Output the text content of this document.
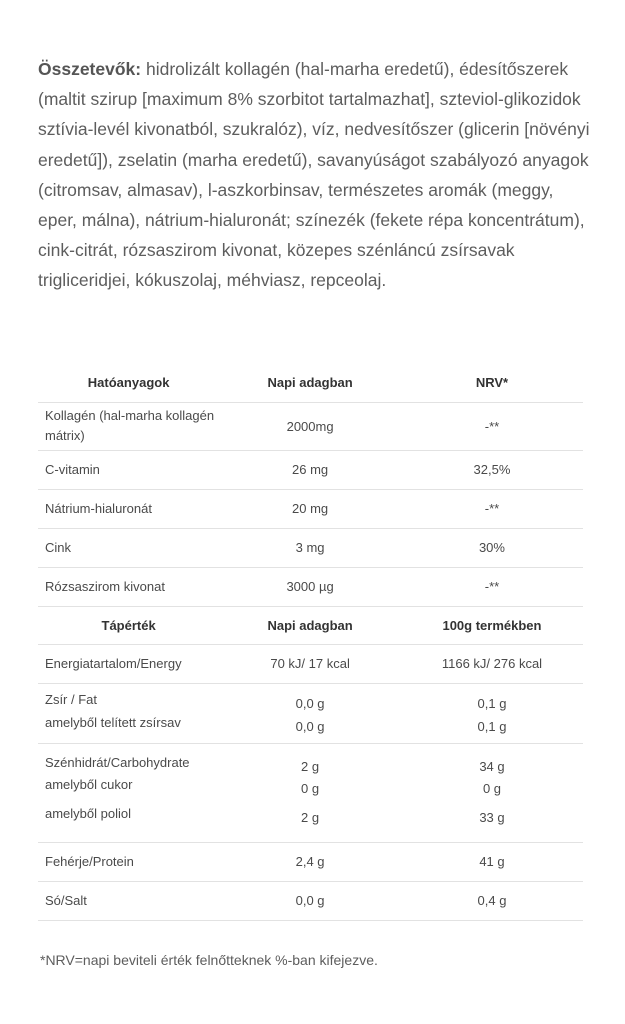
Összetevők: hidrolizált kollagén (hal-marha eredetű), édesítőszerek (maltit szirup [maximum 8% szorbitot tartalmazhat], szteviol-glikozidok sztívia-levél kivonatból, szukralóz), víz, nedvesítőszer (glicerin [növényi eredetű]), zselatin (marha eredetű), savanyúságot szabályozó anyagok (citromsav, almasav), l-aszkorbinsav, természetes aromák (meggy, eper, málna), nátrium-hialuronát; színezék (fekete répa koncentrátum), cink-citrát, rózsaszirom kivonat, közepes szénláncú zsírsavak trigliceridjei, kókuszolaj, méhviasz, repceolaj.

Hatóanyagok	Napi adagban	NRV*

Kollagén (hal-marha kollagén mátrix)	2000mg	-**
C-vitamin	26 mg	32,5%
Nátrium-hialuronát	20 mg	-**
Cink	3 mg	30%
Rózsaszirom kivonat	3000 µg	-**
Tápérték	Napi adagban	100g termékben
Energiatartalom/Energy	70 kJ/ 17 kcal	1166 kJ/ 276 kcal
Zsír / Fat	0,0 g	0,1 g
amelyből telített zsírsav	0,0 g	0,1 g
Szénhidrát/Carbohydrate	2 g	34 g
amelyből cukor	0 g	0 g
amelyből poliol	2 g	33 g
Fehérje/Protein	2,4 g	41 g
Só/Salt	0,0 g	0,4 g

*NRV=napi beviteli érték felnőtteknek %-ban kifejezve.
